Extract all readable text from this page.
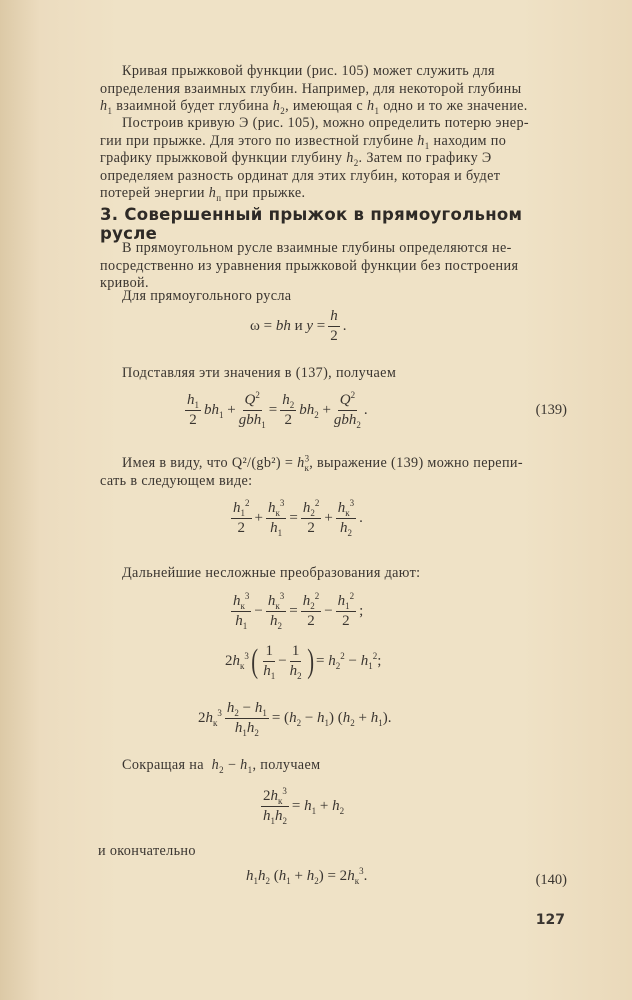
Кривая прыжковой функции (рис. 105) может служить для
определения взаимных глубин. Например, для некоторой глубины
$h_1$ взаимной будет глубина $h_2$, имеющая с $h_1$ одно и то же значение.
Построив кривую Э (рис. 105), можно определить потерю энер-
гии при прыжке. Для этого по известной глубине $h_1$ находим по
графику прыжковой функции глубину $h_2$. Затем по графику Э
определяем разность ординат для этих глубин, которая и будет
потерей энергии $h_п$ при прыжке.
3. Совершенный прыжок в прямоугольном русле
В прямоугольном русле взаимные глубины определяются не-
посредственно из уравнения прыжковой функции без построения
кривой.
Для прямоугольного русла
ω = bh и $y = \frac{h}{2}$ .
Подставляя эти значения в (137), получаем
$\frac{h_1}{2} bh_1 + \frac{Q^2}{gbh_1} = \frac{h_2}{2} bh_2 + \frac{Q^2}{gbh_2}$ .	(139)
Имея в виду, что $Q^2/(gb^2) = h^3_к$, выражение (139) можно перепи-
сать в следующем виде:
$\frac{h_1^2}{2} + \frac{h_к^3}{h_1} = \frac{h_2^2}{2} + \frac{h_к^3}{h_2}$ .
Дальнейшие несложные преобразования дают:
$\frac{h_к^3}{h_1} - \frac{h_к^3}{h_2} = \frac{h_2^2}{2} - \frac{h_1^2}{2}$ ;
$2h_к^3$ ( $\frac{1}{h_1} - \frac{1}{h_2}$ ) = $h_2^2 - h_1^2$;
$2h_к^3 \frac{h_2 - h_1}{h_1h_2} = (h_2 - h_1) (h_2 + h_1)$.
Сокращая на $h_2 - h_1$, получаем
$\frac{2h_к^3}{h_1h_2} = h_1 + h_2$
и окончательно
$h_1h_2$ $(h_1 + h_2) = 2h_к^3$.	(140)
127
